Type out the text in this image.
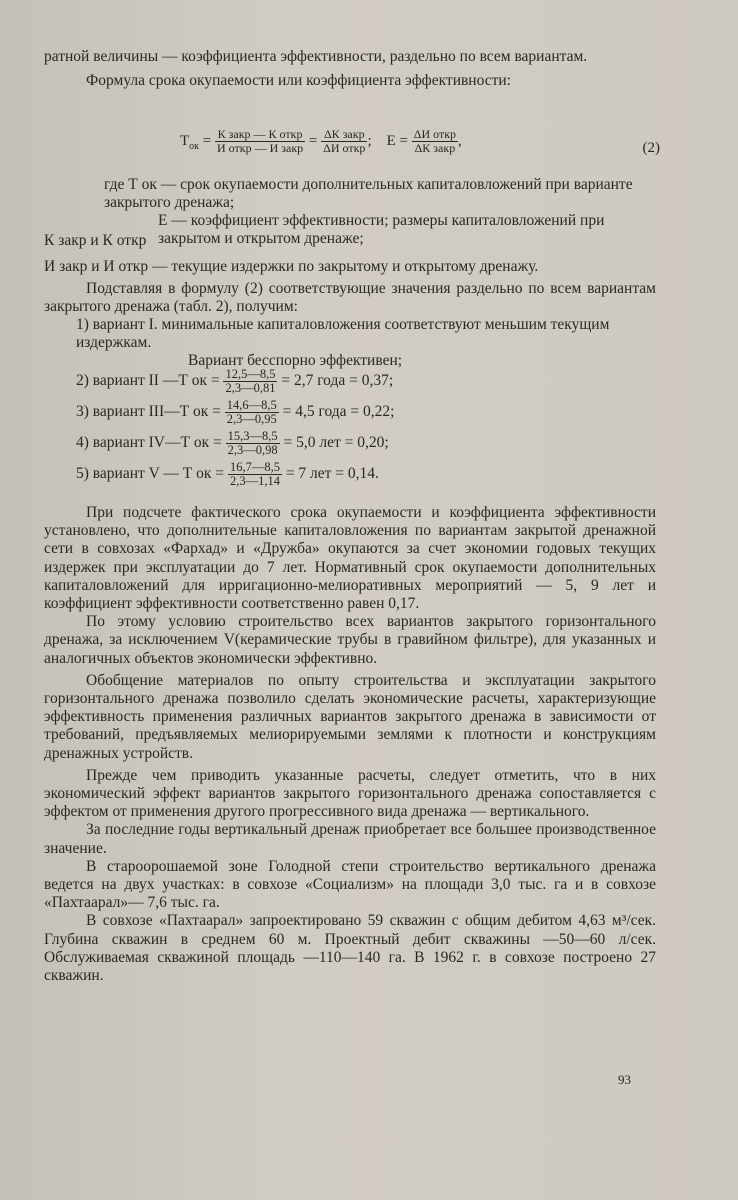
ратной величины — коэффициента эффективности, раздельно по всем вариантам.

Формула срока окупаемости или коэффициента эффективности:

$Т_{ок} = \frac{\text{К закр — К откр}}{\text{И откр — И закр}} = \frac{\text{ΔК закр}}{\text{ΔИ откр}}$ ;    $Е = \frac{\text{ΔИ откр}}{\text{ΔК закр}}$ ,	(2)
где Т ок — срок окупаемости дополнительных капиталовложений при варианте закрытого дренажа;
Е — коэффициент эффективности; размеры капиталовложений при закрытом и открытом дренаже;
К закр и К откр
И закр и И откр — текущие издержки по закрытому и открытому дренажу.

Подставляя в формулу (2) соответствующие значения раздельно по всем вариантам закрытого дренажа (табл. 2), получим:

1) вариант I. минимальные капиталовложения соответствуют меньшим текущим издержкам.
Вариант бесспорно эффективен;
2) вариант II —Т ок = $\frac{12,5—8,5}{2,3—0,81} = 2,7$ года = 0,37;
3) вариант III—Т ок = $\frac{14,6—8,5}{2,3—0,95} = 4,5$ года = 0,22;
4) вариант IV—Т ок = $\frac{15,3—8,5}{2,3—0,98} = 5,0$ лет = 0,20;
5) вариант V — Т ок = $\frac{16,7—8,5}{2,3—1,14} = 7$ лет = 0,14.

При подсчете фактического срока окупаемости и коэффициента эффективности установлено, что дополнительные капиталовложения по вариантам закрытой дренажной сети в совхозах «Фархад» и «Дружба» окупаются за счет экономии годовых текущих издержек при эксплуатации до 7 лет. Нормативный срок окупаемости дополнительных капиталовложений для ирригационно-мелиоративных мероприятий — 5, 9 лет и коэффициент эффективности соответственно равен 0,17.

По этому условию строительство всех вариантов закрытого горизонтального дренажа, за исключением V(керамические трубы в гравийном фильтре), для указанных и аналогичных объектов экономически эффективно.

Обобщение материалов по опыту строительства и эксплуатации закрытого горизонтального дренажа позволило сделать экономические расчеты, характеризующие эффективность применения различных вариантов закрытого дренажа в зависимости от требований, предъявляемых мелиорируемыми землями к плотности и конструкциям дренажных устройств.

Прежде чем приводить указанные расчеты, следует отметить, что в них экономический эффект вариантов закрытого горизонтального дренажа сопоставляется с эффектом от применения другого прогрессивного вида дренажа — вертикального.

За последние годы вертикальный дренаж приобретает все большее производственное значение.

В староорошаемой зоне Голодной степи строительство вертикального дренажа ведется на двух участках: в совхозе «Социализм» на площади 3,0 тыс. га и в совхозе «Пахтаарал»— 7,6 тыс. га.

В совхозе «Пахтаарал» запроектировано 59 скважин с общим дебитом 4,63 м³/сек. Глубина скважин в среднем 60 м. Проектный дебит скважины —50—60 л/сек. Обслуживаемая скважиной площадь —110—140 га. В 1962 г. в совхозе построено 27 скважин.

93
